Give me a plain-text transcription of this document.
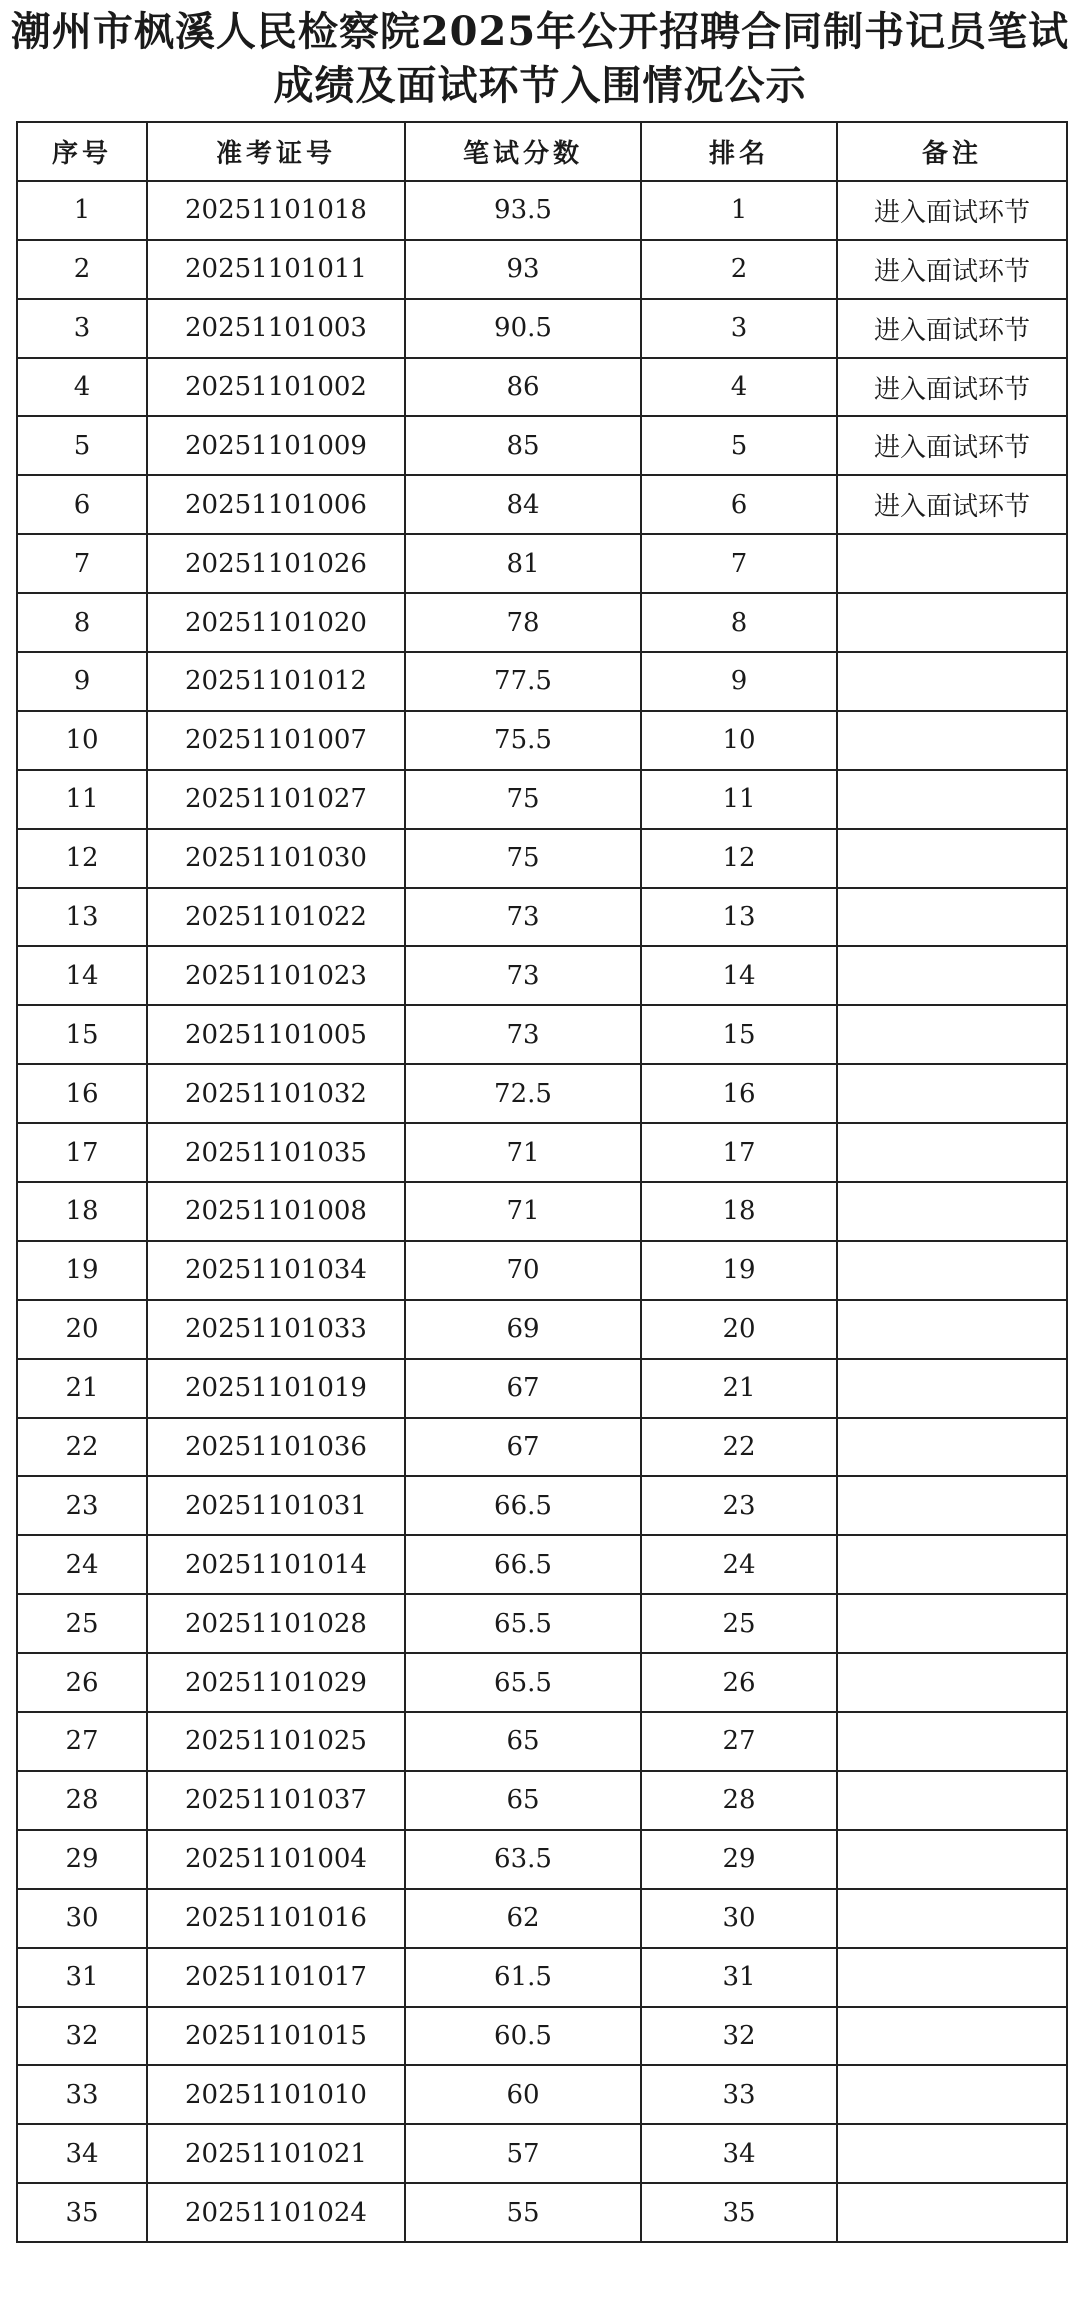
潮州市枫溪人民检察院2025年公开招聘合同制书记员笔试
成绩及面试环节入围情况公示
序号	准考证号	笔试分数	排名	备注
1	20251101018	93.5	1	进入面试环节
2	20251101011	93	2	进入面试环节
3	20251101003	90.5	3	进入面试环节
4	20251101002	86	4	进入面试环节
5	20251101009	85	5	进入面试环节
6	20251101006	84	6	进入面试环节
7	20251101026	81	7	
8	20251101020	78	8	
9	20251101012	77.5	9	
10	20251101007	75.5	10	
11	20251101027	75	11	
12	20251101030	75	12	
13	20251101022	73	13	
14	20251101023	73	14	
15	20251101005	73	15	
16	20251101032	72.5	16	
17	20251101035	71	17	
18	20251101008	71	18	
19	20251101034	70	19	
20	20251101033	69	20	
21	20251101019	67	21	
22	20251101036	67	22	
23	20251101031	66.5	23	
24	20251101014	66.5	24	
25	20251101028	65.5	25	
26	20251101029	65.5	26	
27	20251101025	65	27	
28	20251101037	65	28	
29	20251101004	63.5	29	
30	20251101016	62	30	
31	20251101017	61.5	31	
32	20251101015	60.5	32	
33	20251101010	60	33	
34	20251101021	57	34	
35	20251101024	55	35	
